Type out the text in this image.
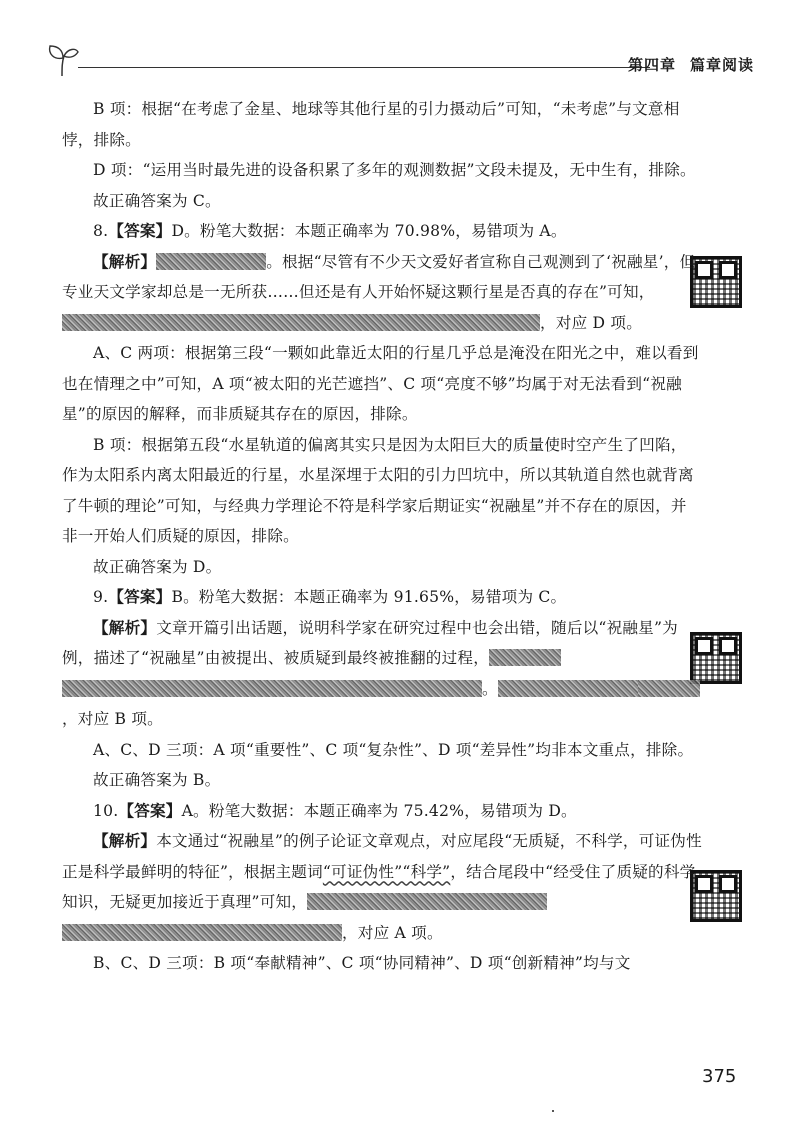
第四章 篇章阅读

B 项：根据“在考虑了金星、地球等其他行星的引力摄动后”可知，“未考虑”与文意相悖，排除。

D 项：“运用当时最先进的设备积累了多年的观测数据”文段未提及，无中生有，排除。

故正确答案为 C。

8.【答案】D。粉笔大数据：本题正确率为 70.98%，易错项为 A。

【解析】	。根据“尽管有不少天文爱好者宣称自己观测到了‘祝融星’，但专业天文学家却总是一无所获……但还是有人开始怀疑这颗行星是否真的存在”可知，，对应 D 项。

A、C 两项：根据第三段“一颗如此靠近太阳的行星几乎总是淹没在阳光之中，难以看到也在情理之中”可知，A 项“被太阳的光芒遮挡”、C 项“亮度不够”均属于对无法看到“祝融星”的原因的解释，而非质疑其存在的原因，排除。

B 项：根据第五段“水星轨道的偏离其实只是因为太阳巨大的质量使时空产生了凹陷，作为太阳系内离太阳最近的行星，水星深埋于太阳的引力凹坑中，所以其轨道自然也就背离了牛顿的理论”可知，与经典力学理论不符是科学家后期证实“祝融星”并不存在的原因，并非一开始人们质疑的原因，排除。

故正确答案为 D。

9.【答案】B。粉笔大数据：本题正确率为 91.65%，易错项为 C。

【解析】文章开篇引出话题，说明科学家在研究过程中也会出错，随后以“祝融星”为例，描述了“祝融星”由被提出、被质疑到最终被推翻的过程，。，对应 B 项。

A、C、D 三项：A 项“重要性”、C 项“复杂性”、D 项“差异性”均非本文重点，排除。

故正确答案为 B。

10.【答案】A。粉笔大数据：本题正确率为 75.42%，易错项为 D。

【解析】本文通过“祝融星”的例子论证文章观点，对应尾段“无质疑，不科学，可证伪性正是科学最鲜明的特征”，根据主题词“可证伪性”“科学”，结合尾段中“经受住了质疑的科学知识，无疑更加接近于真理”可知，，对应 A 项。

B、C、D 三项：B 项“奉献精神”、C 项“协同精神”、D 项“创新精神”均与文

375
